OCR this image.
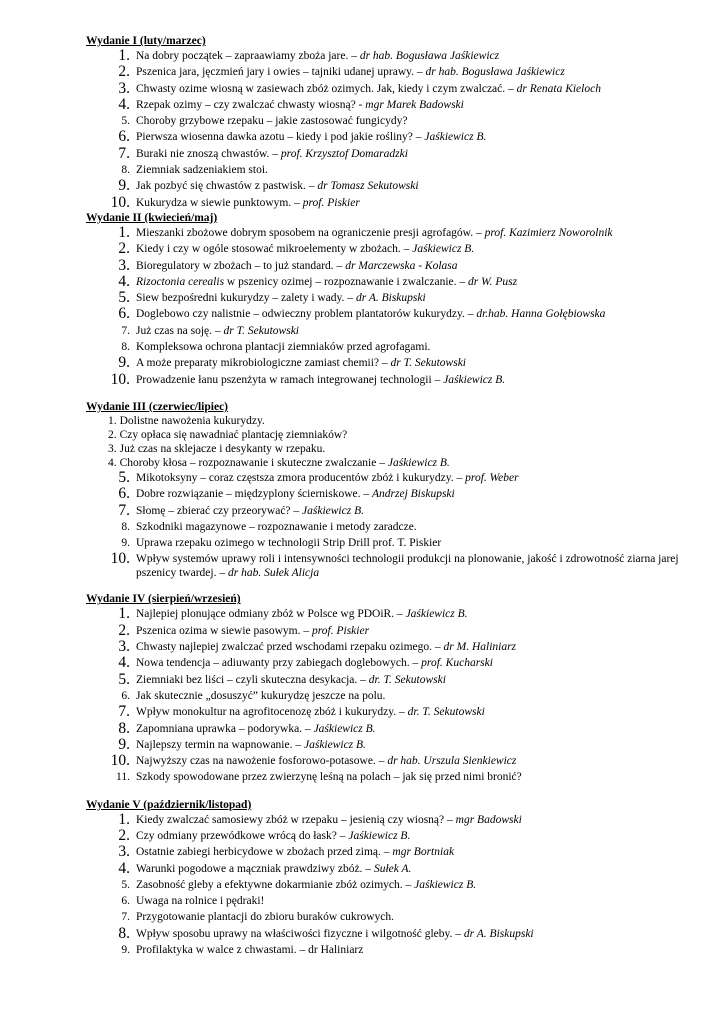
Wydanie I (luty/marzec)
1. Na dobry początek – zapraawiamy zboża jare. – dr hab. Bogusława Jaśkiewicz
2. Pszenica jara, jęczmień jary i owies – tajniki udanej uprawy. – dr hab. Bogusława Jaśkiewicz
3. Chwasty ozime wiosną w zasiewach zbóż ozimych. Jak, kiedy i czym zwalczać. – dr Renata Kieloch
4. Rzepak ozimy – czy zwalczać chwasty wiosną? - mgr Marek Badowski
5. Choroby grzybowe rzepaku – jakie zastosować fungicydy?
6. Pierwsza wiosenna dawka azotu – kiedy i pod jakie rośliny? – Jaśkiewicz B.
7. Buraki nie znoszą chwastów. – prof. Krzysztof Domaradzki
8. Ziemniak sadzeniakiem stoi.
9. Jak pozbyć się chwastów z pastwisk. – dr Tomasz Sekutowski
10. Kukurydza w siewie punktowym. – prof. Piskier
Wydanie II (kwiecień/maj)
1. Mieszanki zbożowe dobrym sposobem na ograniczenie presji agrofagów. – prof. Kazimierz Noworolnik
2. Kiedy i czy w ogóle stosować mikroelementy w zbożach. – Jaśkiewicz B.
3. Bioregulatory w zbożach – to już standard. – dr Marczewska - Kolasa
4. Rizoctonia cerealis w pszenicy ozimej – rozpoznawanie i zwalczanie. – dr W. Pusz
5. Siew bezpośredni kukurydzy – zalety i wady. – dr A. Biskupski
6. Doglebowo czy nalistnie – odwieczny problem plantatorów kukurydzy. – dr.hab. Hanna Gołębiowska
7. Już czas na soję. – dr T. Sekutowski
8. Kompleksowa ochrona plantacji ziemniaków przed agrofagami.
9. A może preparaty mikrobiologiczne zamiast chemii? – dr T. Sekutowski
10. Prowadzenie łanu pszenżyta w ramach integrowanej technologii – Jaśkiewicz B.
Wydanie III (czerwiec/lipiec)
1. Dolistne nawożenia kukurydzy.
2. Czy opłaca się nawadniać plantację ziemniaków?
3. Już czas na sklejacze i desykanty w rzepaku.
4. Choroby kłosa – rozpoznawanie i skuteczne zwalczanie – Jaśkiewicz B.
5. Mikotoksyny – coraz częstsza zmora producentów zbóż i kukurydzy. – prof. Weber
6. Dobre rozwiązanie – międzyplony ścierniskowe. – Andrzej Biskupski
7. Słomę – zbierać czy przeorywać? – Jaśkiewicz B.
8. Szkodniki magazynowe – rozpoznawanie i metody zaradcze.
9. Uprawa rzepaku ozimego w technologii Strip Drill prof. T. Piskier
10. Wpływ systemów uprawy roli i intensywności technologii produkcji na plonowanie, jakość i zdrowotność ziarna jarej pszenicy twardej. – dr hab. Sułek Alicja
Wydanie IV (sierpień/wrzesień)
1. Najlepiej plonujące odmiany zbóż w Polsce wg PDOiR. – Jaśkiewicz B.
2. Pszenica ozima w siewie pasowym. – prof. Piskier
3. Chwasty najlepiej zwalczać przed wschodami rzepaku ozimego. – dr M. Haliniarz
4. Nowa tendencja – adiuwanty przy zabiegach doglebowych. – prof. Kucharski
5. Ziemniaki bez liści – czyli skuteczna desykacja. – dr. T. Sekutowski
6. Jak skutecznie „dosuszyć” kukurydzę jeszcze na polu.
7. Wpływ monokultur na agrofitocenozę zbóż i kukurydzy. – dr. T. Sekutowski
8. Zapomniana uprawka – podorywka. – Jaśkiewicz B.
9. Najlepszy termin na wapnowanie. – Jaśkiewicz B.
10. Najwyższy czas na nawożenie fosforowo-potasowe. – dr hab. Urszula Sienkiewicz
11. Szkody spowodowane przez zwierzynę leśną na polach – jak się przed nimi bronić?
Wydanie V (październik/listopad)
1. Kiedy zwalczać samosiewy zbóż w rzepaku – jesienią czy wiosną? – mgr Badowski
2. Czy odmiany przewódkowe wrócą do łask? – Jaśkiewicz B.
3. Ostatnie zabiegi herbicydowe w zbożach przed zimą. – mgr Bortniak
4. Warunki pogodowe a mączniak prawdziwy zbóż. – Sułek A.
5. Zasobność gleby a efektywne dokarmianie zbóż ozimych. – Jaśkiewicz B.
6. Uwaga na rolnice i pędraki!
7. Przygotowanie plantacji do zbioru buraków cukrowych.
8. Wpływ sposobu uprawy na właściwości fizyczne i wilgotność gleby. – dr A. Biskupski
9. Profilaktyka w walce z chwastami. – dr Haliniarz
